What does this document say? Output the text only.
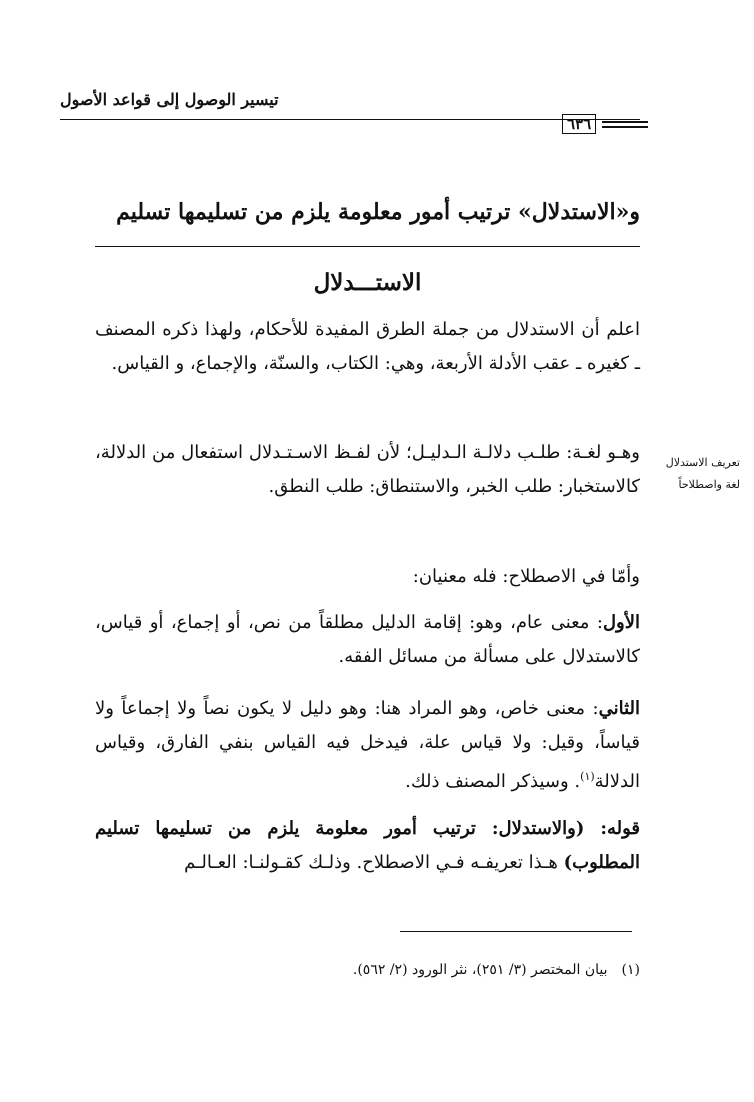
تيسير الوصول إلى قواعد الأصول
٦٣٦
و«الاستدلال» ترتيب أمور معلومة يلزم من تسليمها تسليم
الاستـــدلال
اعلم أن الاستدلال من جملة الطرق المفيدة للأحكام، ولهذا ذكره المصنف ـ كغيره ـ عقب الأدلة الأربعة، وهي: الكتاب، والسنّة، والإجماع، و القياس.
وهـو لغـة: طلـب دلالـة الـدليـل؛ لأن لفـظ الاسـتـدلال استفعال من الدلالة، كالاستخبار: طلب الخبر، والاستنطاق: طلب النطق.
وأمّا في الاصطلاح: فله معنيان:
الأول: معنى عام، وهو: إقامة الدليل مطلقاً من نص، أو إجماع، أو قياس، كالاستدلال على مسألة من مسائل الفقه.
الثاني: معنى خاص، وهو المراد هنا: وهو دليل لا يكون نصاً ولا إجماعاً ولا قياساً، وقيل: ولا قياس علة، فيدخل فيه القياس بنفي الفارق، وقياس الدلالة$^{(١)}$. وسيذكر المصنف ذلك.
قوله: (والاستدلال: ترتيب أمور معلومة يلزم من تسليمها تسليم المطلوب) هـذا تعريفـه فـي الاصطلاح. وذلـك كقـولنـا: العـالـم
تعريف الاستدلال
لغة واصطلاحاً
(١)بيان المختصر (٣/ ٢٥١)، نثر الورود (٢/ ٥٦٢).
